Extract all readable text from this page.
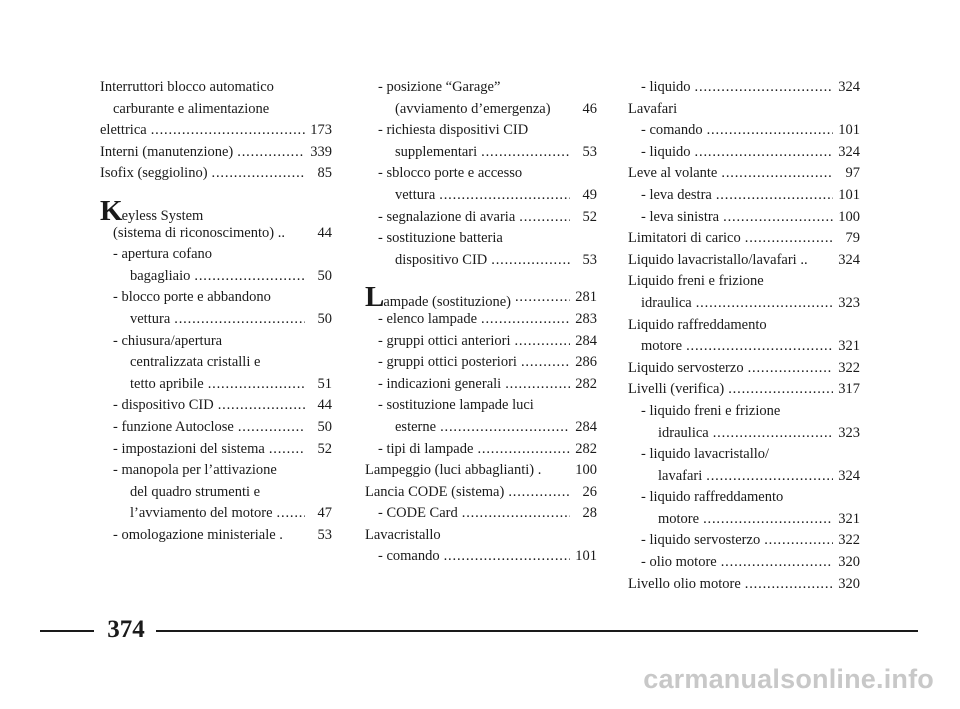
Interruttori blocco automatico
carburante e alimentazione
elettrica . . .	173
Interni (manutenzione) . . .	339
Isofix (seggiolino) . . .	85
Keyless System
(sistema di riconoscimento) ..	44
- apertura cofano
bagagliaio . . .	50
- blocco porte e abbandono
vettura . . .	50
- chiusura/apertura
centralizzata cristalli e
tetto apribile . . .	51
- dispositivo CID . . .	44
- funzione Autoclose . . .	50
- impostazioni del sistema . . .	52
- manopola per l’attivazione
del quadro strumenti e
l’avviamento del motore . . .	47
- omologazione ministeriale .	53
- posizione “Garage”
(avviamento d’emergenza)	46
- richiesta dispositivi CID
supplementari . . .	53
- sblocco porte e accesso
vettura . . .	49
- segnalazione di avaria . . .	52
- sostituzione batteria
dispositivo CID . . .	53
Lampade (sostituzione) . . .	281
- elenco lampade . . .	283
- gruppi ottici anteriori . . .	284
- gruppi ottici posteriori . . .	286
- indicazioni generali . . .	282
- sostituzione lampade luci
esterne . . .	284
- tipi di lampade . . .	282
Lampeggio (luci abbaglianti) . 100
Lancia CODE (sistema) . . .	26
- CODE Card . . .	28
Lavacristallo
- comando . . .	101
- liquido . . .	324
Lavafari
- comando . . .	101
- liquido . . .	324
Leve al volante . . .	97
- leva destra . . .	101
- leva sinistra . . .	100
Limitatori di carico . . .	79
Liquido lavacristallo/lavafari .. 324
Liquido freni e frizione
idraulica . . .	323
Liquido raffreddamento
motore . . .	321
Liquido servosterzo . . .	322
Livelli (verifica) . . .	317
- liquido freni e frizione
idraulica . . .	323
- liquido lavacristallo/
lavafari . . .	324
- liquido raffreddamento
motore . . .	321
- liquido servosterzo . . .	322
- olio motore . . .	320
Livello olio motore . . .	320
374
carmanualsonline.info
